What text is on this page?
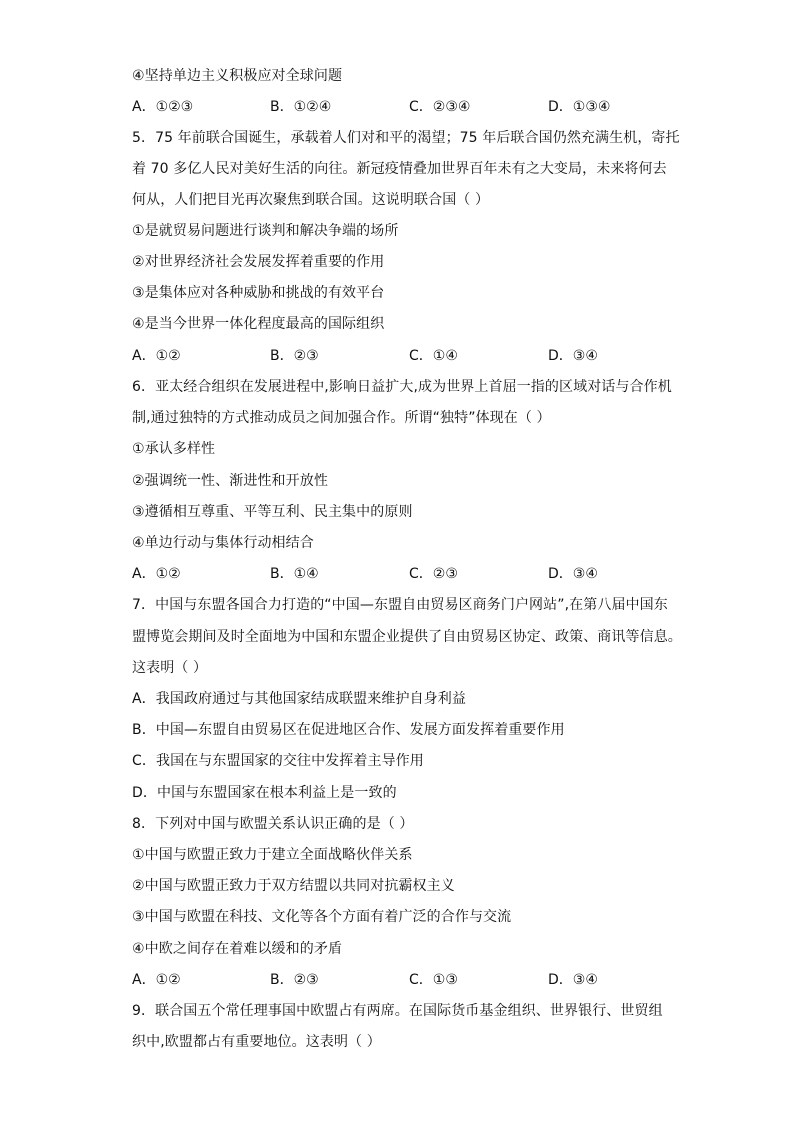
④坚持单边主义积极应对全球问题
A．①②③	B．①②④	C．②③④	D．①③④
5．75 年前联合国诞生，承载着人们对和平的渴望；75 年后联合国仍然充满生机，寄托
着 70 多亿人民对美好生活的向往。新冠疫情叠加世界百年未有之大变局，未来将何去
何从，人们把目光再次聚焦到联合国。这说明联合国（ ）
①是就贸易问题进行谈判和解决争端的场所
②对世界经济社会发展发挥着重要的作用
③是集体应对各种威胁和挑战的有效平台
④是当今世界一体化程度最高的国际组织
A．①②	B．②③	C．①④	D．③④
6．亚太经合组织在发展进程中,影响日益扩大,成为世界上首屈一指的区域对话与合作机
制,通过独特的方式推动成员之间加强合作。所谓“独特”体现在（ ）
①承认多样性
②强调统一性、渐进性和开放性
③遵循相互尊重、平等互利、民主集中的原则
④单边行动与集体行动相结合
A．①②	B．①④	C．②③	D．③④
7．中国与东盟各国合力打造的“中国—东盟自由贸易区商务门户网站”,在第八届中国东
盟博览会期间及时全面地为中国和东盟企业提供了自由贸易区协定、政策、商讯等信息。
这表明（ ）
A．我国政府通过与其他国家结成联盟来维护自身利益
B．中国—东盟自由贸易区在促进地区合作、发展方面发挥着重要作用
C．我国在与东盟国家的交往中发挥着主导作用
D．中国与东盟国家在根本利益上是一致的
8．下列对中国与欧盟关系认识正确的是（ ）
①中国与欧盟正致力于建立全面战略伙伴关系
②中国与欧盟正致力于双方结盟以共同对抗霸权主义
③中国与欧盟在科技、文化等各个方面有着广泛的合作与交流
④中欧之间存在着难以缓和的矛盾
A．①②	B．②③	C．①③	D．③④
9．联合国五个常任理事国中欧盟占有两席。在国际货币基金组织、世界银行、世贸组
织中,欧盟都占有重要地位。这表明（ ）
